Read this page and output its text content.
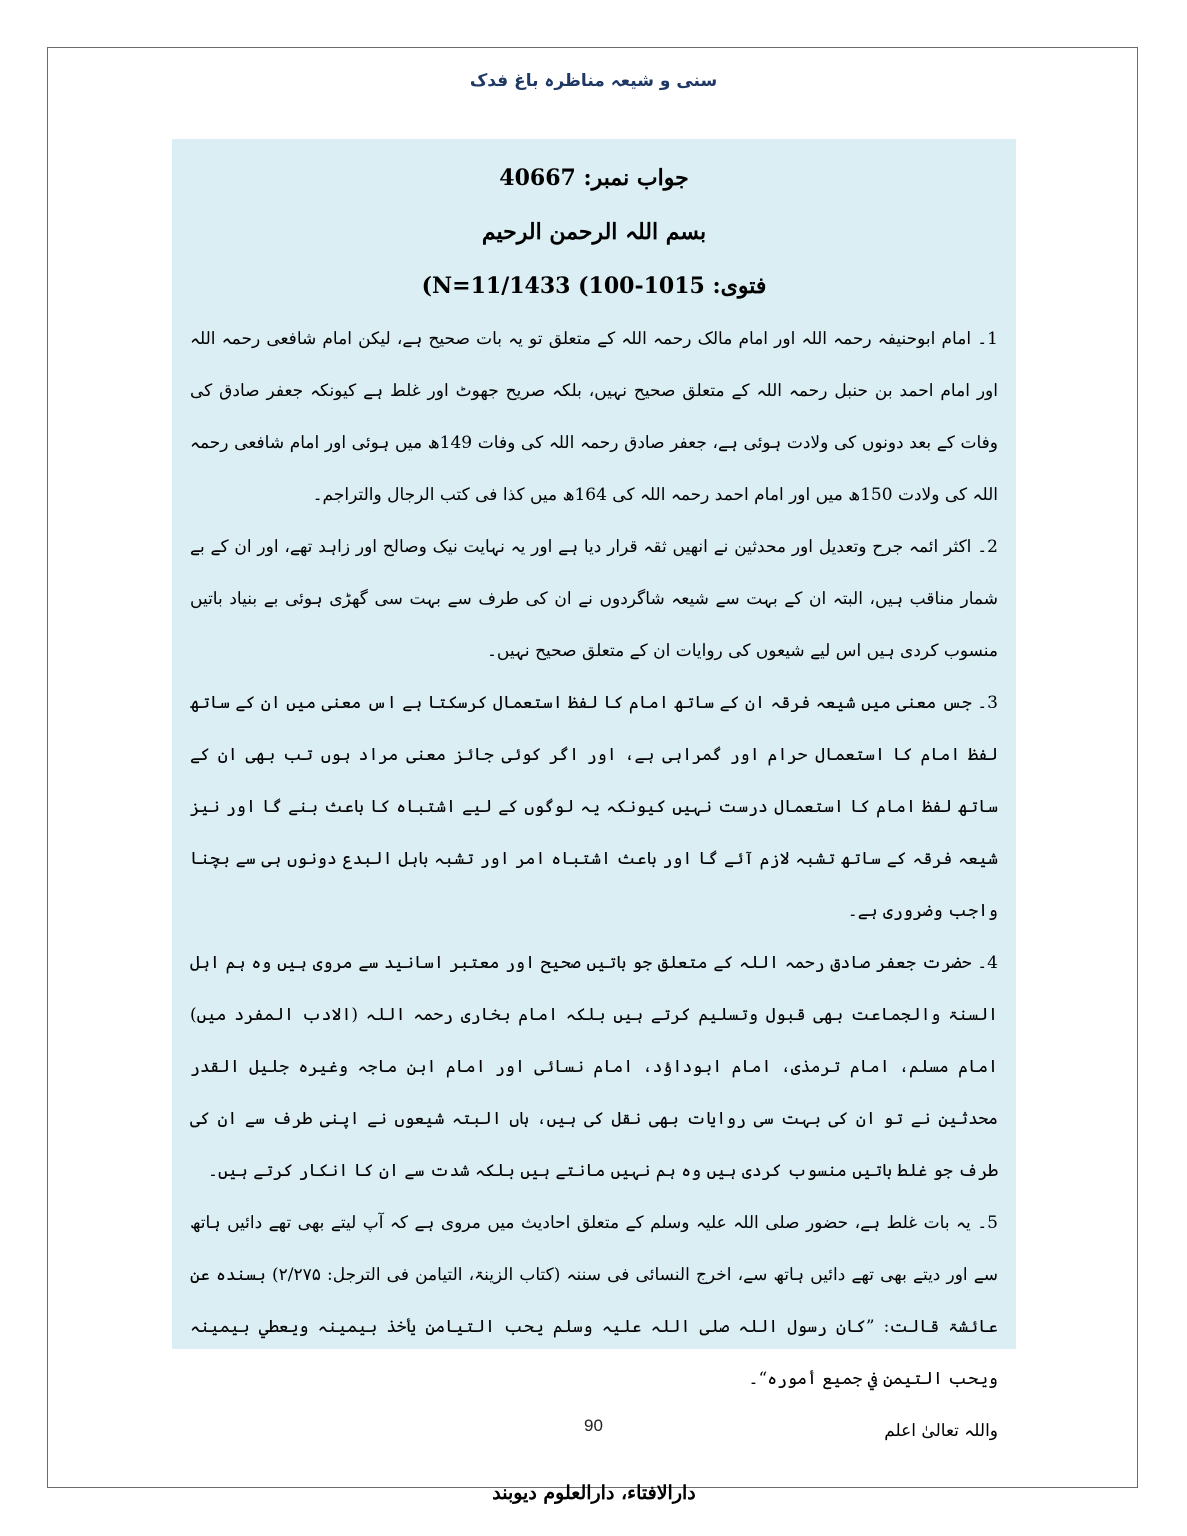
سنی و شیعہ مناظرہ باغ فدک
جواب نمبر: 40667
بسم اللہ الرحمن الرحیم
فتوی: 1015-100) N=11/1433)

1۔ امام ابوحنیفہ رحمہ اللہ اور امام مالک رحمہ اللہ کے متعلق تو یہ بات صحیح ہے، لیکن امام شافعی رحمہ اللہ اور امام احمد بن حنبل رحمہ اللہ کے متعلق صحیح نہیں، بلکہ صریح جھوٹ اور غلط ہے کیونکہ جعفر صادق کی وفات کے بعد دونوں کی ولادت ہوئی ہے، جعفر صادق رحمہ اللہ کی وفات 149ھ میں ہوئی اور امام شافعی رحمہ اللہ کی ولادت 150ھ میں اور امام احمد رحمہ اللہ کی 164ھ میں کذا فی کتب الرجال والتراجم۔

2۔ اکثر ائمہ جرح وتعدیل اور محدثین نے انھیں ثقہ قرار دیا ہے اور یہ نہایت نیک وصالح اور زاہد تھے، اور ان کے بے شمار مناقب ہیں، البتہ ان کے بہت سے شیعہ شاگردوں نے ان کی طرف سے بہت سی گھڑی ہوئی بے بنیاد باتیں منسوب کردی ہیں اس لیے شیعوں کی روایات ان کے متعلق صحیح نہیں۔

3۔ جس معنی میں شیعہ فرقہ ان کے ساتھ امام کا لفظ استعمال کرسکتا ہے اس معنی میں ان کے ساتھ لفظ امام کا استعمال حرام اور گمراہی ہے، اور اگر کوئی جائز معنی مراد ہوں تب بھی ان کے ساتھ لفظ امام کا استعمال درست نہیں کیونکہ یہ لوگوں کے لیے اشتباہ کا باعث بنے گا اور نیز شیعہ فرقہ کے ساتھ تشبہ لازم آئے گا اور باعث اشتباہ امر اور تشبہ باہل البدع دونوں ہی سے بچنا واجب وضروری ہے۔

4۔ حضرت جعفر صادق رحمہ اللہ کے متعلق جو باتیں صحیح اور معتبر اسانید سے مروی ہیں وہ ہم اہل السنۃ والجماعت بھی قبول وتسلیم کرتے ہیں بلکہ امام بخاری رحمہ اللہ (الادب المفرد میں) امام مسلم، امام ترمذی، امام ابوداؤد، امام نسائی اور امام ابن ماجہ وغیرہ جلیل القدر محدثین نے تو ان کی بہت سی روایات بھی نقل کی ہیں، ہاں البتہ شیعوں نے اپنی طرف سے ان کی طرف جو غلط باتیں منسوب کردی ہیں وہ ہم نہیں مانتے ہیں بلکہ شدت سے ان کا انکار کرتے ہیں۔

5۔ یہ بات غلط ہے، حضور صلی اللہ علیہ وسلم کے متعلق احادیث میں مروی ہے کہ آپ لیتے بھی تھے دائیں ہاتھ سے اور دیتے بھی تھے دائیں ہاتھ سے، اخرج النسائی فی سننہ (کتاب الزینۃ، التیامن فی الترجل: ۲/۲۷۵) بسندہ عن عائشۃ قالت: ”کان رسول اللہ صلی اللہ علیہ وسلم یحب التیامن یأخذ بیمینہ ویعطي بیمینہ ویحب التیمن في جمیع أمورہ“۔

واللہ تعالیٰ اعلم

دارالافتاء، دارالعلوم دیوبند
90
